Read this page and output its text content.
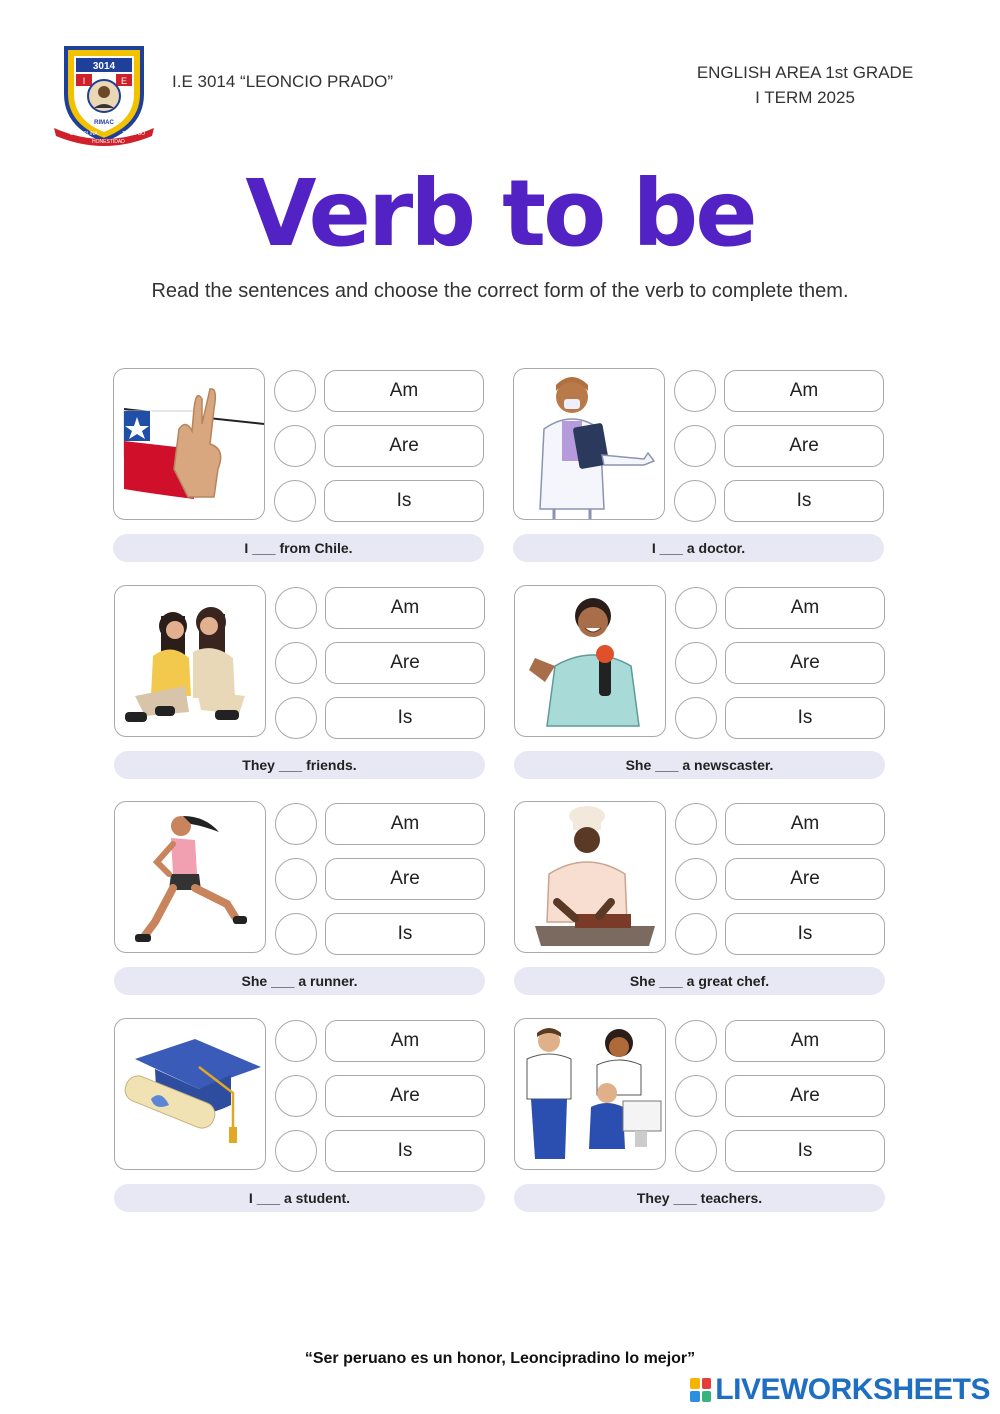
3014
I	E
RIMAC
DISCIPLINA
HONESTIDAD
TRABAJO
I.E 3014 “LEONCIO PRADO”	ENGLISH AREA 1st GRADE
I TERM 2025
Verb to be
Read the sentences and choose the correct form of the verb to complete them.
Am
Are
Is
I ___ from Chile.
Am
Are
Is
I ___ a doctor.
Am
Are
Is
They ___ friends.
Am
Are
Is
She ___ a newscaster.
Am
Are
Is
She ___ a runner.
Am
Are
Is
She ___ a great chef.
Am
Are
Is
I ___ a student.
Am
Are
Is
They ___ teachers.
“Ser peruano es un honor, Leoncipradino lo mejor”
LIVEWORKSHEETS
